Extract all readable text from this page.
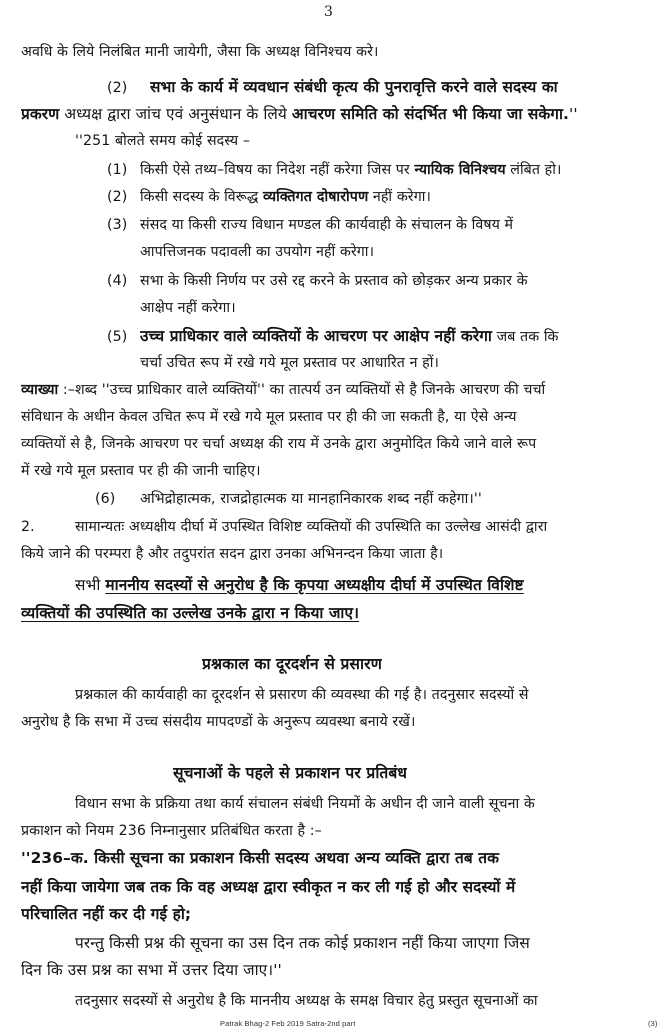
3
अवधि के लिये निलंबित मानी जायेगी, जैसा कि अध्यक्ष विनिश्चय करे।
(2) सभा के कार्य में व्यवधान संबंधी कृत्य की पुनरावृत्ति करने वाले सदस्य का
प्रकरण अध्यक्ष द्वारा जांच एवं अनुसंधान के लिये आचरण समिति को संदर्भित भी किया जा सकेगा.''
''251 बोलते समय कोई सदस्य –
(1) किसी ऐसे तथ्य–विषय का निदेश नहीं करेगा जिस पर न्यायिक विनिश्चय लंबित हो।
(2) किसी सदस्य के विरूद्ध व्यक्तिगत दोषारोपण नहीं करेगा।
(3) संसद या किसी राज्य विधान मण्डल की कार्यवाही के संचालन के विषय में
आपत्तिजनक पदावली का उपयोग नहीं करेगा।
(4) सभा के किसी निर्णय पर उसे रद्द करने के प्रस्ताव को छोड़कर अन्य प्रकार के
आक्षेप नहीं करेगा।
(5) उच्च प्राधिकार वाले व्यक्तियों के आचरण पर आक्षेप नहीं करेगा जब तक कि
चर्चा उचित रूप में रखे गये मूल प्रस्ताव पर आधारित न हों।
व्याख्या :–शब्द ''उच्च प्राधिकार वाले व्यक्तियों'' का तात्पर्य उन व्यक्तियों से है जिनके आचरण की चर्चा
संविधान के अधीन केवल उचित रूप में रखे गये मूल प्रस्ताव पर ही की जा सकती है, या ऐसे अन्य
व्यक्तियों से है, जिनके आचरण पर चर्चा अध्यक्ष की राय में उनके द्वारा अनुमोदित किये जाने वाले रूप
में रखे गये मूल प्रस्ताव पर ही की जानी चाहिए।
(6) अभिद्रोहात्मक, राजद्रोहात्मक या मानहानिकारक शब्द नहीं कहेगा।''
2.	सामान्यतः अध्यक्षीय दीर्घा में उपस्थित विशिष्ट व्यक्तियों की उपस्थिति का उल्लेख आसंदी द्वारा
किये जाने की परम्परा है और तदुपरांत सदन द्वारा उनका अभिनन्दन किया जाता है।
सभी माननीय सदस्यों से अनुरोध है कि कृपया अध्यक्षीय दीर्घा में उपस्थित विशिष्ट
व्यक्तियों की उपस्थिति का उल्लेख उनके द्वारा न किया जाए।
प्रश्नकाल का दूरदर्शन से प्रसारण
प्रश्नकाल की कार्यवाही का दूरदर्शन से प्रसारण की व्यवस्था की गई है। तदनुसार सदस्यों से
अनुरोध है कि सभा में उच्च संसदीय मापदण्डों के अनुरूप व्यवस्था बनाये रखें।
सूचनाओं के पहले से प्रकाशन पर प्रतिबंध
विधान सभा के प्रक्रिया तथा कार्य संचालन संबंधी नियमों के अधीन दी जाने वाली सूचना के
प्रकाशन को नियम 236 निम्नानुसार प्रतिबंधित करता है :–
''236–क. किसी सूचना का प्रकाशन किसी सदस्य अथवा अन्य व्यक्ति द्वारा तब तक
नहीं किया जायेगा जब तक कि वह अध्यक्ष द्वारा स्वीकृत न कर ली गई हो और सदस्यों में
परिचालित नहीं कर दी गई हो;
परन्तु किसी प्रश्न की सूचना का उस दिन तक कोई प्रकाशन नहीं किया जाएगा जिस
दिन कि उस प्रश्न का सभा में उत्तर दिया जाए।''
तदनुसार सदस्यों से अनुरोध है कि माननीय अध्यक्ष के समक्ष विचार हेतु प्रस्तुत सूचनाओं का
Patrak Bhag-2 Feb 2019 Satra-2nd part	(3)
